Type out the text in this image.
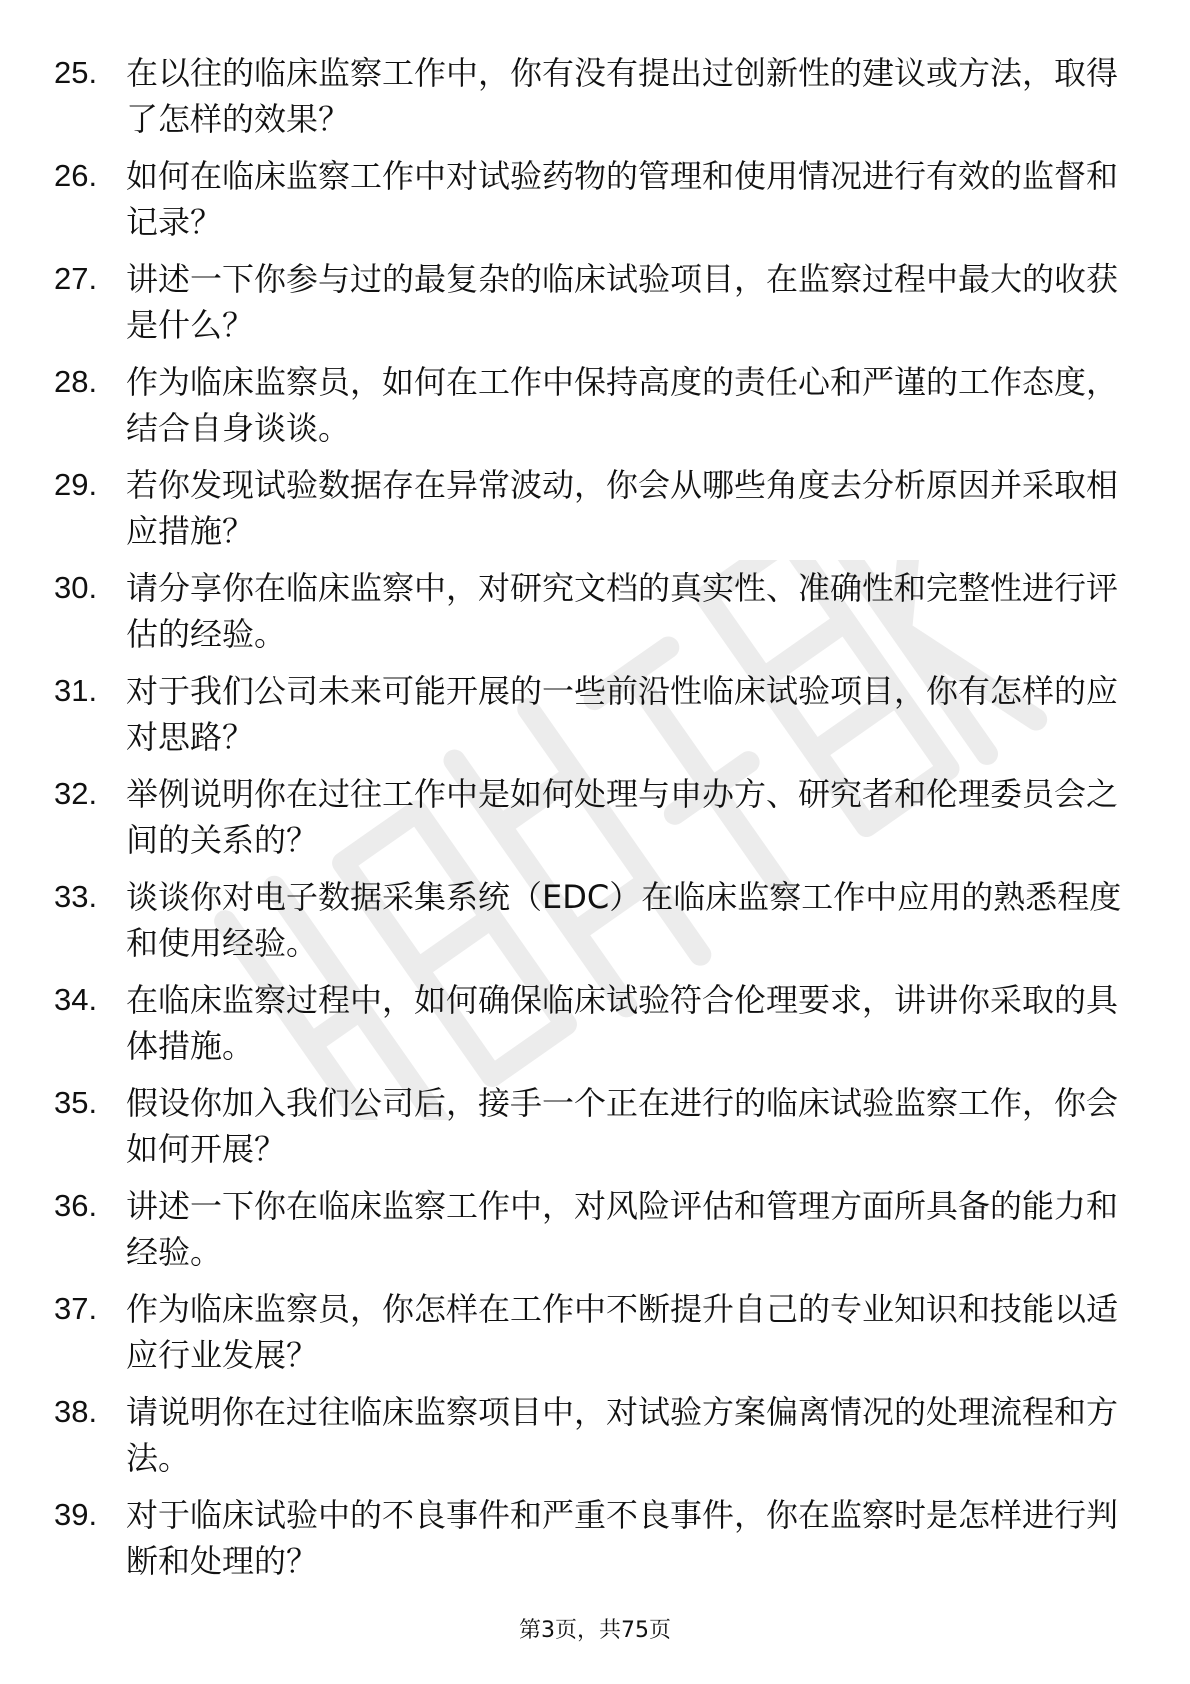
25. 在以往的临床监察工作中，你有没有提出过创新性的建议或方法，取得了怎样的效果？
26. 如何在临床监察工作中对试验药物的管理和使用情况进行有效的监督和记录？
27. 讲述一下你参与过的最复杂的临床试验项目，在监察过程中最大的收获是什么？
28. 作为临床监察员，如何在工作中保持高度的责任心和严谨的工作态度，结合自身谈谈。
29. 若你发现试验数据存在异常波动，你会从哪些角度去分析原因并采取相应措施？
30. 请分享你在临床监察中，对研究文档的真实性、准确性和完整性进行评估的经验。
31. 对于我们公司未来可能开展的一些前沿性临床试验项目，你有怎样的应对思路？
32. 举例说明你在过往工作中是如何处理与申办方、研究者和伦理委员会之间的关系的？
33. 谈谈你对电子数据采集系统（EDC）在临床监察工作中应用的熟悉程度和使用经验。
34. 在临床监察过程中，如何确保临床试验符合伦理要求，讲讲你采取的具体措施。
35. 假设你加入我们公司后，接手一个正在进行的临床试验监察工作，你会如何开展？
36. 讲述一下你在临床监察工作中，对风险评估和管理方面所具备的能力和经验。
37. 作为临床监察员，你怎样在工作中不断提升自己的专业知识和技能以适应行业发展？
38. 请说明你在过往临床监察项目中，对试验方案偏离情况的处理流程和方法。
39. 对于临床试验中的不良事件和严重不良事件，你在监察时是怎样进行判断和处理的？
第3页，共75页
